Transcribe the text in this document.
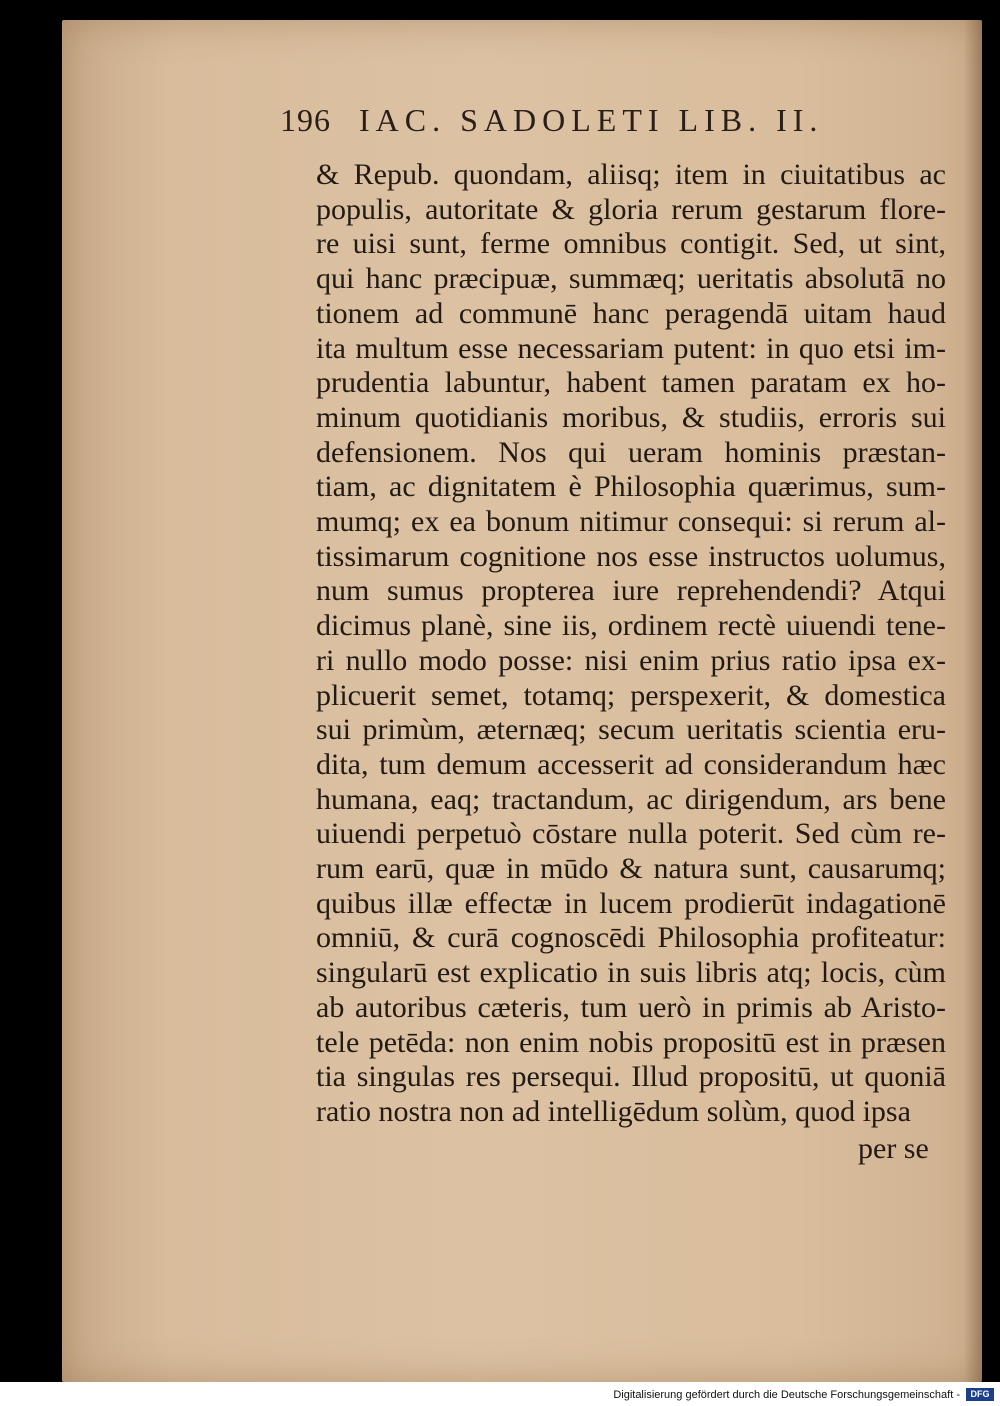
196 IAC. SADOLETI LIB. II.
& Repub. quondam, aliisq; item in ciuitatibus ac
populis, autoritate & gloria rerum gestarum flore-
re uisi sunt, ferme omnibus contigit. Sed, ut sint,
qui hanc præcipuæ, summæq; ueritatis absolutā no
tionem ad communē hanc peragendā uitam haud
ita multum esse necessariam putent: in quo etsi im-
prudentia labuntur, habent tamen paratam ex ho-
minum quotidianis moribus, & studiis, erroris sui
defensionem. Nos qui ueram hominis præstan-
tiam, ac dignitatem è Philosophia quærimus, sum-
mumq; ex ea bonum nitimur consequi: si rerum al-
tissimarum cognitione nos esse instructos uolumus,
num sumus propterea iure reprehendendi? Atqui
dicimus planè, sine iis, ordinem rectè uiuendi tene-
ri nullo modo posse: nisi enim prius ratio ipsa ex-
plicuerit semet, totamq; perspexerit, & domestica
sui primùm, æternæq; secum ueritatis scientia eru-
dita, tum demum accesserit ad considerandum hæc
humana, eaq; tractandum, ac dirigendum, ars bene
uiuendi perpetuò cōstare nulla poterit. Sed cùm re-
rum earū, quæ in mūdo & natura sunt, causarumq;
quibus illæ effectæ in lucem prodierūt indagationē
omniū, & curā cognoscēdi Philosophia profiteatur:
singularū est explicatio in suis libris atq; locis, cùm
ab autoribus cæteris, tum uerò in primis ab Aristo-
tele petēda: non enim nobis propositū est in præsen
tia singulas res persequi. Illud propositū, ut quoniā
ratio nostra non ad intelligēdum solùm, quod ipsa
per se
Digitalisierung gefördert durch die Deutsche Forschungsgemeinschaft -	DFG
